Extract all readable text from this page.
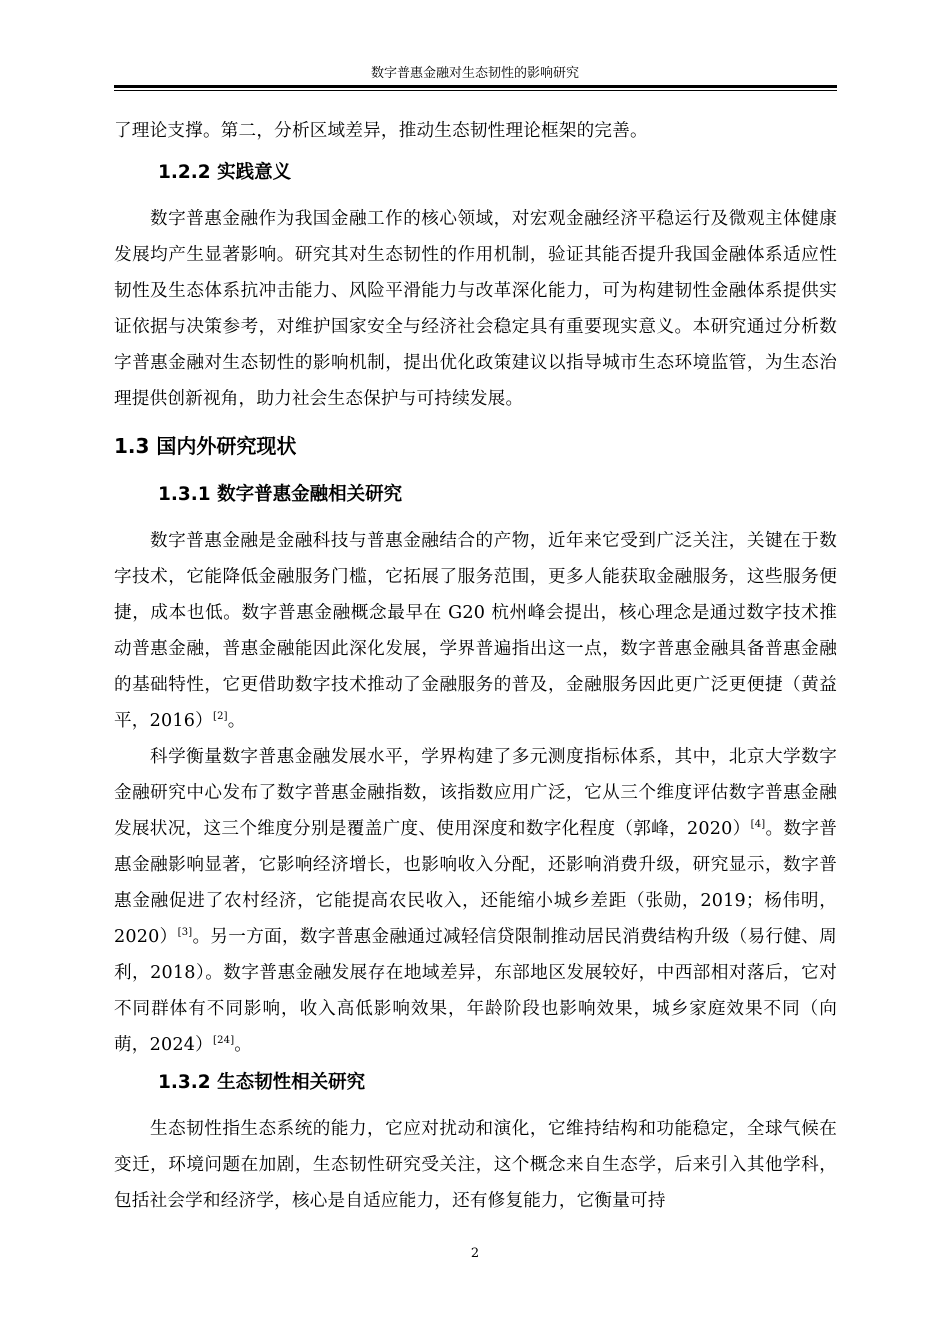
数字普惠金融对生态韧性的影响研究

了理论支撑。第二，分析区域差异，推动生态韧性理论框架的完善。

1.2.2 实践意义

数字普惠金融作为我国金融工作的核心领域，对宏观金融经济平稳运行及微观主体健康发展均产生显著影响。研究其对生态韧性的作用机制，验证其能否提升我国金融体系适应性韧性及生态体系抗冲击能力、风险平滑能力与改革深化能力，可为构建韧性金融体系提供实证依据与决策参考，对维护国家安全与经济社会稳定具有重要现实意义。本研究通过分析数字普惠金融对生态韧性的影响机制，提出优化政策建议以指导城市生态环境监管，为生态治理提供创新视角，助力社会生态保护与可持续发展。

1.3 国内外研究现状
1.3.1 数字普惠金融相关研究

数字普惠金融是金融科技与普惠金融结合的产物，近年来它受到广泛关注，关键在于数字技术，它能降低金融服务门槛，它拓展了服务范围，更多人能获取金融服务，这些服务便捷，成本也低。数字普惠金融概念最早在 G20 杭州峰会提出，核心理念是通过数字技术推动普惠金融，普惠金融能因此深化发展，学界普遍指出这一点，数字普惠金融具备普惠金融的基础特性，它更借助数字技术推动了金融服务的普及，金融服务因此更广泛更便捷（黄益平，2016）[2]。

科学衡量数字普惠金融发展水平，学界构建了多元测度指标体系，其中，北京大学数字金融研究中心发布了数字普惠金融指数，该指数应用广泛，它从三个维度评估数字普惠金融发展状况，这三个维度分别是覆盖广度、使用深度和数字化程度（郭峰，2020）[4]。数字普惠金融影响显著，它影响经济增长，也影响收入分配，还影响消费升级，研究显示，数字普惠金融促进了农村经济，它能提高农民收入，还能缩小城乡差距（张勋，2019；杨伟明，2020）[3]。另一方面，数字普惠金融通过减轻信贷限制推动居民消费结构升级（易行健、周利，2018）。数字普惠金融发展存在地域差异，东部地区发展较好，中西部相对落后，它对不同群体有不同影响，收入高低影响效果，年龄阶段也影响效果，城乡家庭效果不同（向萌，2024）[24]。

1.3.2 生态韧性相关研究

生态韧性指生态系统的能力，它应对扰动和演化，它维持结构和功能稳定，全球气候在变迁，环境问题在加剧，生态韧性研究受关注，这个概念来自生态学，后来引入其他学科，包括社会学和经济学，核心是自适应能力，还有修复能力，它衡量可持

2
